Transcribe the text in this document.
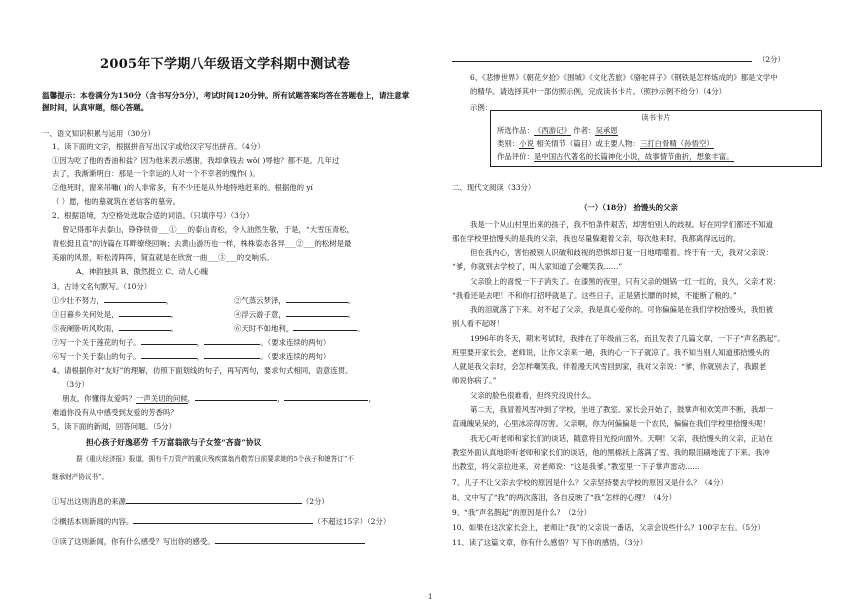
2005年下学期八年级语文学科期中测试卷
温馨提示：本卷满分为150分（含书写分5分），考试时间120分钟。所有试题答案均答在答题卷上，请注意掌握时间，认真审题，细心答题。
一、语文知识积累与运用（30分）
1、读下面的文字，根据拼音写出汉字或给汉字写出拼音。（4分）
①因为吃了他的香油和盐？因为他来表示感谢，我却拿钱去 wǒ( )辱他？都不是。几年过
去了，我渐渐明白：那是一个幸运的人对一个不幸者的愧怍( )。
②他死时，窗来吊㗀( )的人非常多，有不少还是从外地特地赶来的。根据他的 yí
（ ）愿，他的墓就筑在老信客的墓旁。
2、根据语境，为空格处选取合适的词语。（只填序号）（3分）
曾记得那年去泰山，铮铮铁骨___①___的泰山青松，令人油然生敬，于是，“大雪压青松，
青松挺且直”的诗篇在耳畔缭绕回响；去黄山游历也一样，株株姿态各异___②___的松树是最
美丽的风景，听松涛阵阵，简直就是在欣赏一曲___③___的交响乐。
A、神韵独具 B、傲然挺立 C、动人心魄
3、古诗文名句默写。（10分）
①少壮不努力，	，	②气蒸云梦泽，	。
③日暮乡关何处是，	。	④浮云游子意，	。
⑤夜阑卧听风吹雨，	。	⑥天时不如地利，	。
⑦写一个关于莲花的句子。	，	。（要求连续的两句）
⑥写一个关于泰山的句子。	，	。（要求连续的两句）
4、请根据你对“友好”的理解，仿照下面划线的句子，再写两句，要求句式相同，语意连贯。
（3分）
朋友，你懂得友爱吗？一声关切的问候，	，	，
难道你没有从中感受到友爱的芳香吗？
5、读下面的新闻，回答问题。（5分）
担心孩子好逸恶劳 千万富翁欲与子女签“吝啬”协议
据《重庆经济报》报道，拥有千万资产的重庆残疾富翁肖敬芳日前要求她的5个孩子和媳答订“不
继承财产协议书”。
①写出这则消息的来源	（2分）
②概括本则新闻的内容。	（不超过15字）（2分）
③读了这则新闻，你有什么感受？写出你的感受。
（2分）
6、《悲惨世界》《朝花夕拾》《围城》《文化苦旅》《骆驼祥子》《钢铁是怎样炼成的》都是文学中
的精华。请选择其中一部仿照示例，完成读书卡片。（照抄示例不给分）（4分）
示例：
读书卡片
所选作品：《西游记》 作者：吴承恩
类别：小说 相关情节（篇目）或主要人物：三打白骨精（孙悟空）
作品评价：是中国古代著名的长篇神化小说，故事情节曲折，想象丰富。
二、现代文阅读（33分）
（一）（18分） 拾馒头的父亲
我是一个从山村里出来的孩子，我不怕条件艰苦，却害怕别人的歧视。好在同学们都还不知道
那在学校里拾馒头的是我的父亲，我也尽量躲避着父亲，每次他来时，我都离得远远的。
但在我内心，害怕被别人识破和歧视的恐惧却日复一日地啃噬着。终于有一天，我对父亲说：
“爹，你就别去学校了，叫人家知道了会嘲笑我……”
父亲脸上的喜悦一下子消失了。在漆黑的夜里，只有父亲的烟锅一红一红的，良久，父亲才说：
“我看还是去吧！不和你打招呼就是了。这些日子，正是猪长膘的时候，不能断了粮的。”
我的泪就落了下来。对不起了父亲，我是真心爱你的。可你偏偏是在我们学校拾馒头，我怕被
别人看不起呀！
1996年的冬天，期末考试时，我排在了年级前三名，而且发表了几篇文章，一下子“声名鹊起”。
班里要开家长会，老师说，让你父亲来一趟，我的心一下子就凉了。我不知当别人知道那拾馒头的
人就是我父亲时，会怎样嘲笑我。伴着漫天风雪回到家，我对父亲说：“爹，你就别去了，我跟老
师说你病了。”
父亲的脸色很难看，但终究没说什么。
第二天，我冒着风雪冲到了学校，坐进了教室。家长会开始了，鼓掌声和欢笑声不断，我却一
直魂魄呆呆的，心里冰凉得厉害。父亲啊，你为何偏偏是一个农民，偏偏在我们学校里拾馒头呢！
我无心听老师和家长们的谈话，随意将目光投向窗外。天啊！父亲，我拾馒头的父亲，正站在
教室外面认真地聆听老师和家长们的谈话，他的黑棉袄上落满了雪。我的眼泪刷地流了下来。我冲
出教室，将父亲拉进来，对老师说：“这是我爹。”教室里一下子掌声雷动……
7、儿子不让父亲去学校的原因是什么？父亲坚持要去学校的原因又是什么？（4分）
8、文中写了“我”的两次落泪，各自反映了“我”怎样的心理？（4分）
9、“我”声名鹊起”的原因是什么？（2分）
10、如果在这次家长会上，老师让“我”的父亲说一番话，父亲会说些什么？100字左右。（5分）
11、读了这篇文章，你有什么感悟？写下你的感悟。（3分）
1
